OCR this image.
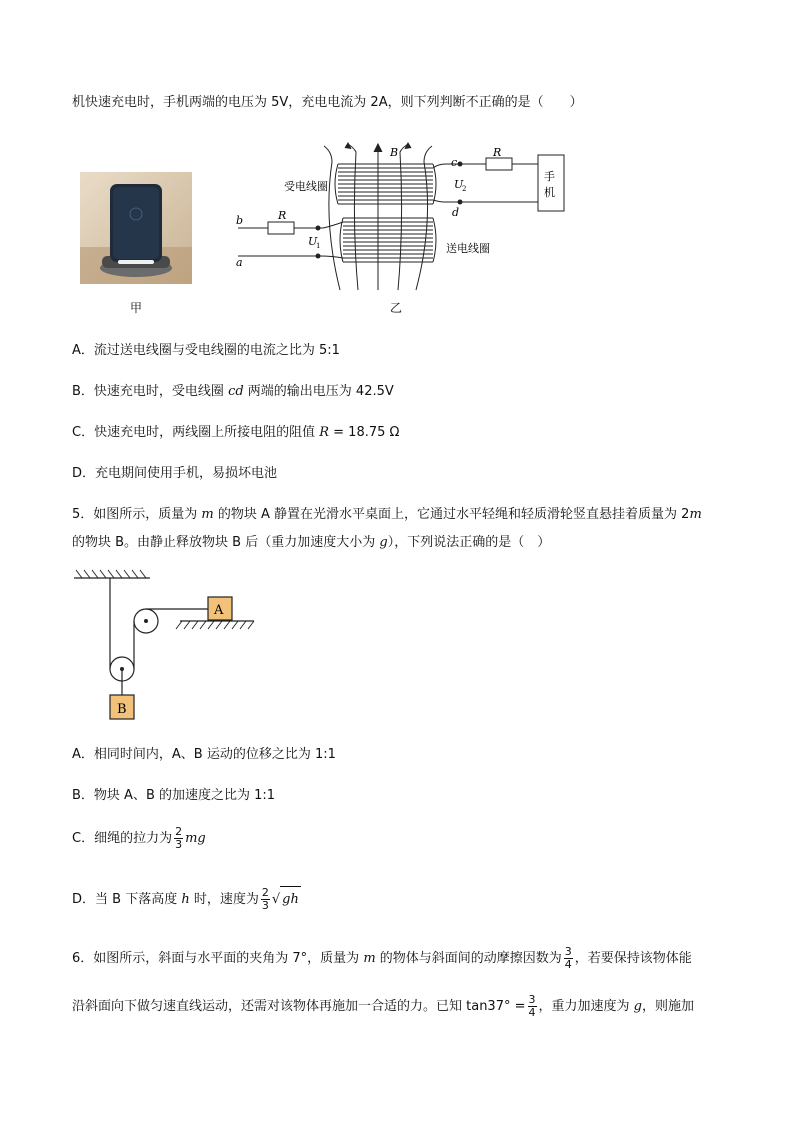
机快速充电时，手机两端的电压为 5V，充电电流为 2A，则下列判断不正确的是（　　）
甲
B	R
R
手
机
c
d
b
a
U
2
U
1
受电线圈
送电线圈
乙
A．流过送电线圈与受电线圈的电流之比为 5:1
B．快速充电时，受电线圈 cd 两端的输出电压为 42.5V
C．快速充电时，两线圈上所接电阻的阻值 R = 18.75 Ω
D．充电期间使用手机，易损坏电池
5．如图所示，质量为 m 的物块 A 静置在光滑水平桌面上，它通过水平轻绳和轻质滑轮竖直悬挂着质量为 2m
的物块 B。由静止释放物块 B 后（重力加速度大小为 g），下列说法正确的是（　）
A
B
A．相同时间内，A、B 运动的位移之比为 1:1
B．物块 A、B 的加速度之比为 1:1
C．细绳的拉力为 $\frac{2}{3}$ mg
D．当 B 下落高度 h 时，速度为 $\frac{2}{3}$ √ gh
6．如图所示，斜面与水平面的夹角为 7°，质量为 m 的物体与斜面间的动摩擦因数为 $\frac{3}{4}$ ，若要保持该物体能
沿斜面向下做匀速直线运动，还需对该物体再施加一合适的力。已知 $\tan 37^\circ = \frac{3}{4}$ ，重力加速度为 g，则施加
